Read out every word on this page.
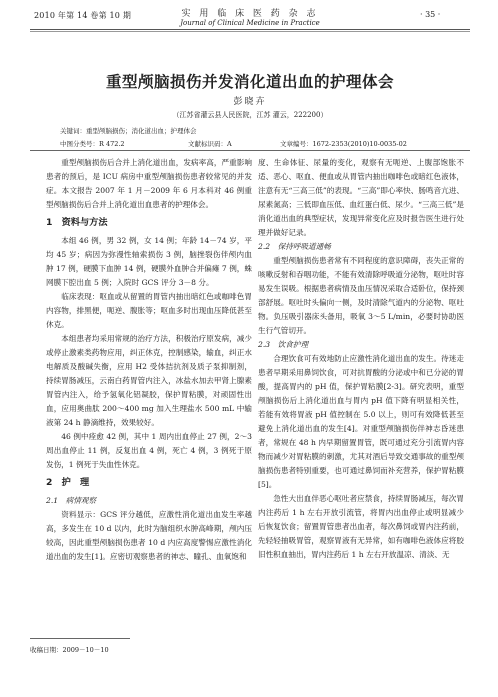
2010 年第 14 卷第 10 期	实 用 临 床 医 药 杂 志
Journal of Clinical Medicine in Practice
· 35 ·
重型颅脑损伤并发消化道出血的护理体会
彭晓卉
（江苏省灌云县人民医院，江苏 灌云，222200）
关键词：重型颅脑损伤；消化道出血；护理体会
中图分类号：R 472.2	文献标识码：A	文章编号：1672-2353(2010)10-0035-02

重型颅脑损伤后合并上消化道出血，发病率高，严重影响患者的预后，是 ICU 病房中重型颅脑损伤患者较常见的并发症。本文报告 2007 年 1 月－2009 年 6 月本科对 46 例重型颅脑损伤后合并上消化道出血患者的护理体会。

1　资料与方法

本组 46 例，男 32 例，女 14 例；年龄 14－74 岁，平均 45 岁；病因为弥漫性轴索损伤 3 例，脑挫裂伤伴颅内血肿 17 例，硬膜下血肿 14 例，硬膜外血肿合并偏瘫 7 例，蛛网膜下腔出血 5 例；入院时 GCS 评分 3－8 分。

临床表现：呕血或从留置的胃管内抽出暗红色或咖啡色胃内容物，排黑便，呃逆、腹胀等；呕血多时出现血压降低甚至休克。

本组患者均采用常规的治疗方法，积极治疗原发病，减少或停止激素类药物应用，纠正休克，控制感染，输血，纠正水电解质及酸碱失衡，应用 H2 受体拮抗剂及质子泵抑制剂，持续胃肠减压，云南白药胃管内注入，冰盐水加去甲肾上腺素胃管内注入，给予氢氧化铝凝胶，保护胃粘膜，对顽固性出血，应用奥曲肽 200～400 mg 加入生理盐水 500 mL 中输液第 24 h 静滴维持，效果较好。

46 例中痊愈 42 例，其中 1 周内出血停止 27 例，2～3 周出血停止 11 例，反复出血 4 例，死亡 4 例，3 例死于原发伤，1 例死于失血性休克。

2　护　理

2.1　病情观察

资料显示：GCS 评分越低，应激性消化道出血发生率越高，多发生在 10 d 以内，此时为脑组织水肿高峰期，颅内压较高，因此重型颅脑损伤患者 10 d 内应高度警惕应激性消化道出血的发生[1]。应密切观察患者的神志、瞳孔、血氧饱和

度、生命体征、尿量的变化，观察有无呃逆、上腹部饱胀不适、恶心、呕血、便血或从胃管内抽出咖啡色或暗红色液体，注意有无“三高三低”的表现。“三高”即心率快、肠鸣音亢进、尿素氮高；三低即血压低、血红蛋白低、尿少。“三高三低”是消化道出血的典型症状，发现异常变化应及时报告医生进行处理并做好记录。

2.2　保持呼吸道通畅

重型颅脑损伤患者常有不同程度的意识障碍，丧失正常的咳嗽反射和吞咽功能，不能有效清除呼吸道分泌物，呕吐时容易发生误吸。根据患者病情及血压情况采取合适卧位，保持颈部舒展。呕吐时头偏向一侧，及时清除气道内的分泌物、呕吐物。负压吸引器床头备用，吸氧 3～5 L/min，必要时协助医生行气管切开。

2.3　饮食护理

合理饮食可有效地防止应激性消化道出血的发生。待迷走患者早期采用鼻饲饮食，可对抗胃酸的分泌或中和已分泌的胃酸，提高胃内的 pH 值，保护胃粘膜[2-3]。研究表明，重型颅脑损伤后上消化道出血与胃内 pH 值下降有明显相关性，若能有效将胃液 pH 值控制在 5.0 以上，则可有效降低甚至避免上消化道出血的发生[4]。对重型颅脑损伤伴神志昏迷患者，常规在 48 h 内早期留置胃管，既可通过充分引流胃内容物而减少对胃粘膜的刺激，尤其对酒后导致交通事故的重型颅脑损伤患者特别重要，也可通过鼻饲而补充营养，保护胃粘膜[5]。

急性大出血伴恶心呕吐者应禁食，持续胃肠减压，每次胃内注药后 1 h 左右开放引流管，将胃内出血停止或明显减少后恢复饮食；留置胃管患者出血者，每次鼻饲或胃内注药前，先轻轻抽吸胃管，观察胃液有无异常，如有咖啡色液体应将胶旧性积血抽出，胃内注药后 1 h 左右开放温凉、清淡、无

收稿日期：2009－10－10
